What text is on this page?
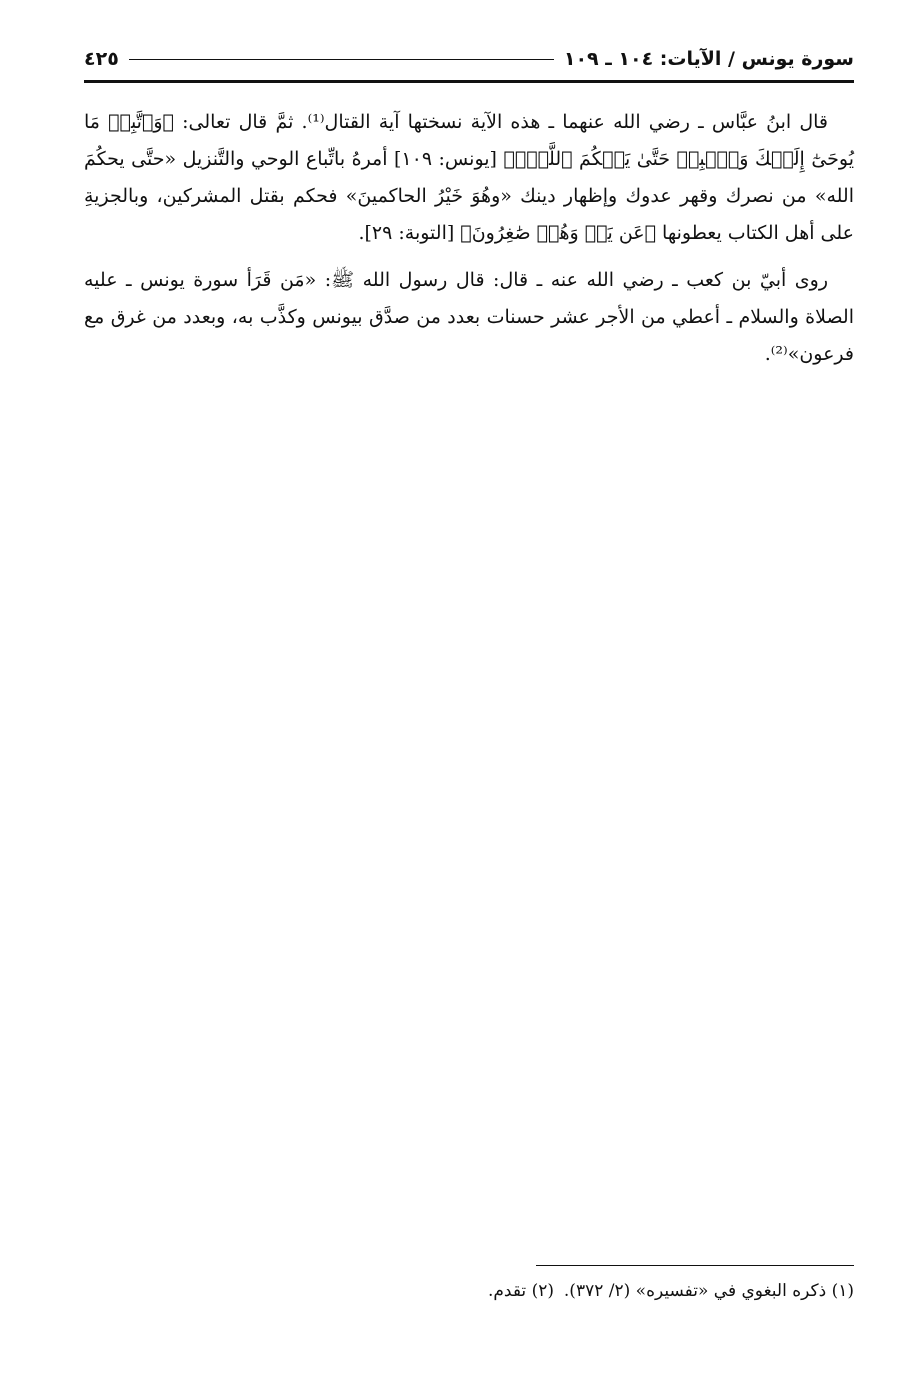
سورة يونس / الآيات: ١٠٤ ـ ١٠٩
٤٢٥

قال ابنُ عبَّاس ـ رضي الله عنهما ـ هذه الآية نسختها آية القتال⁽¹⁾. ثمَّ قال تعالى: ﴿وَٱتَّبِعۡ مَا يُوحَىٰٓ إِلَيۡكَ وَٱصۡبِرۡ حَتَّىٰ يَحۡكُمَ ٱللَّهُۚ﴾ [يونس: ١٠٩] أمرهُ باتِّباع الوحي والتَّنزيل «حتَّى يحكُمَ الله» من نصرك وقهر عدوك وإظهار دينك «وهُوَ خَيْرُ الحاكمينَ» فحكم بقتل المشركين، وبالجزيةِ على أهل الكتاب يعطونها ﴿عَن يَدٖ وَهُمۡ صَٰغِرُونَ﴾ [التوبة: ٢٩].

روى أبيّ بن كعب ـ رضي الله عنه ـ قال: قال رسول الله ﷺ: «مَن قَرَأ سورة يونس ـ عليه الصلاة والسلام ـ أعطي من الأجر عشر حسنات بعدد من صدَّق بيونس وكذَّب به، وبعدد من غرق مع فرعون»⁽²⁾.

(١) ذكره البغوي في «تفسيره» (٢/ ٣٧٢).
(٢) تقدم.
